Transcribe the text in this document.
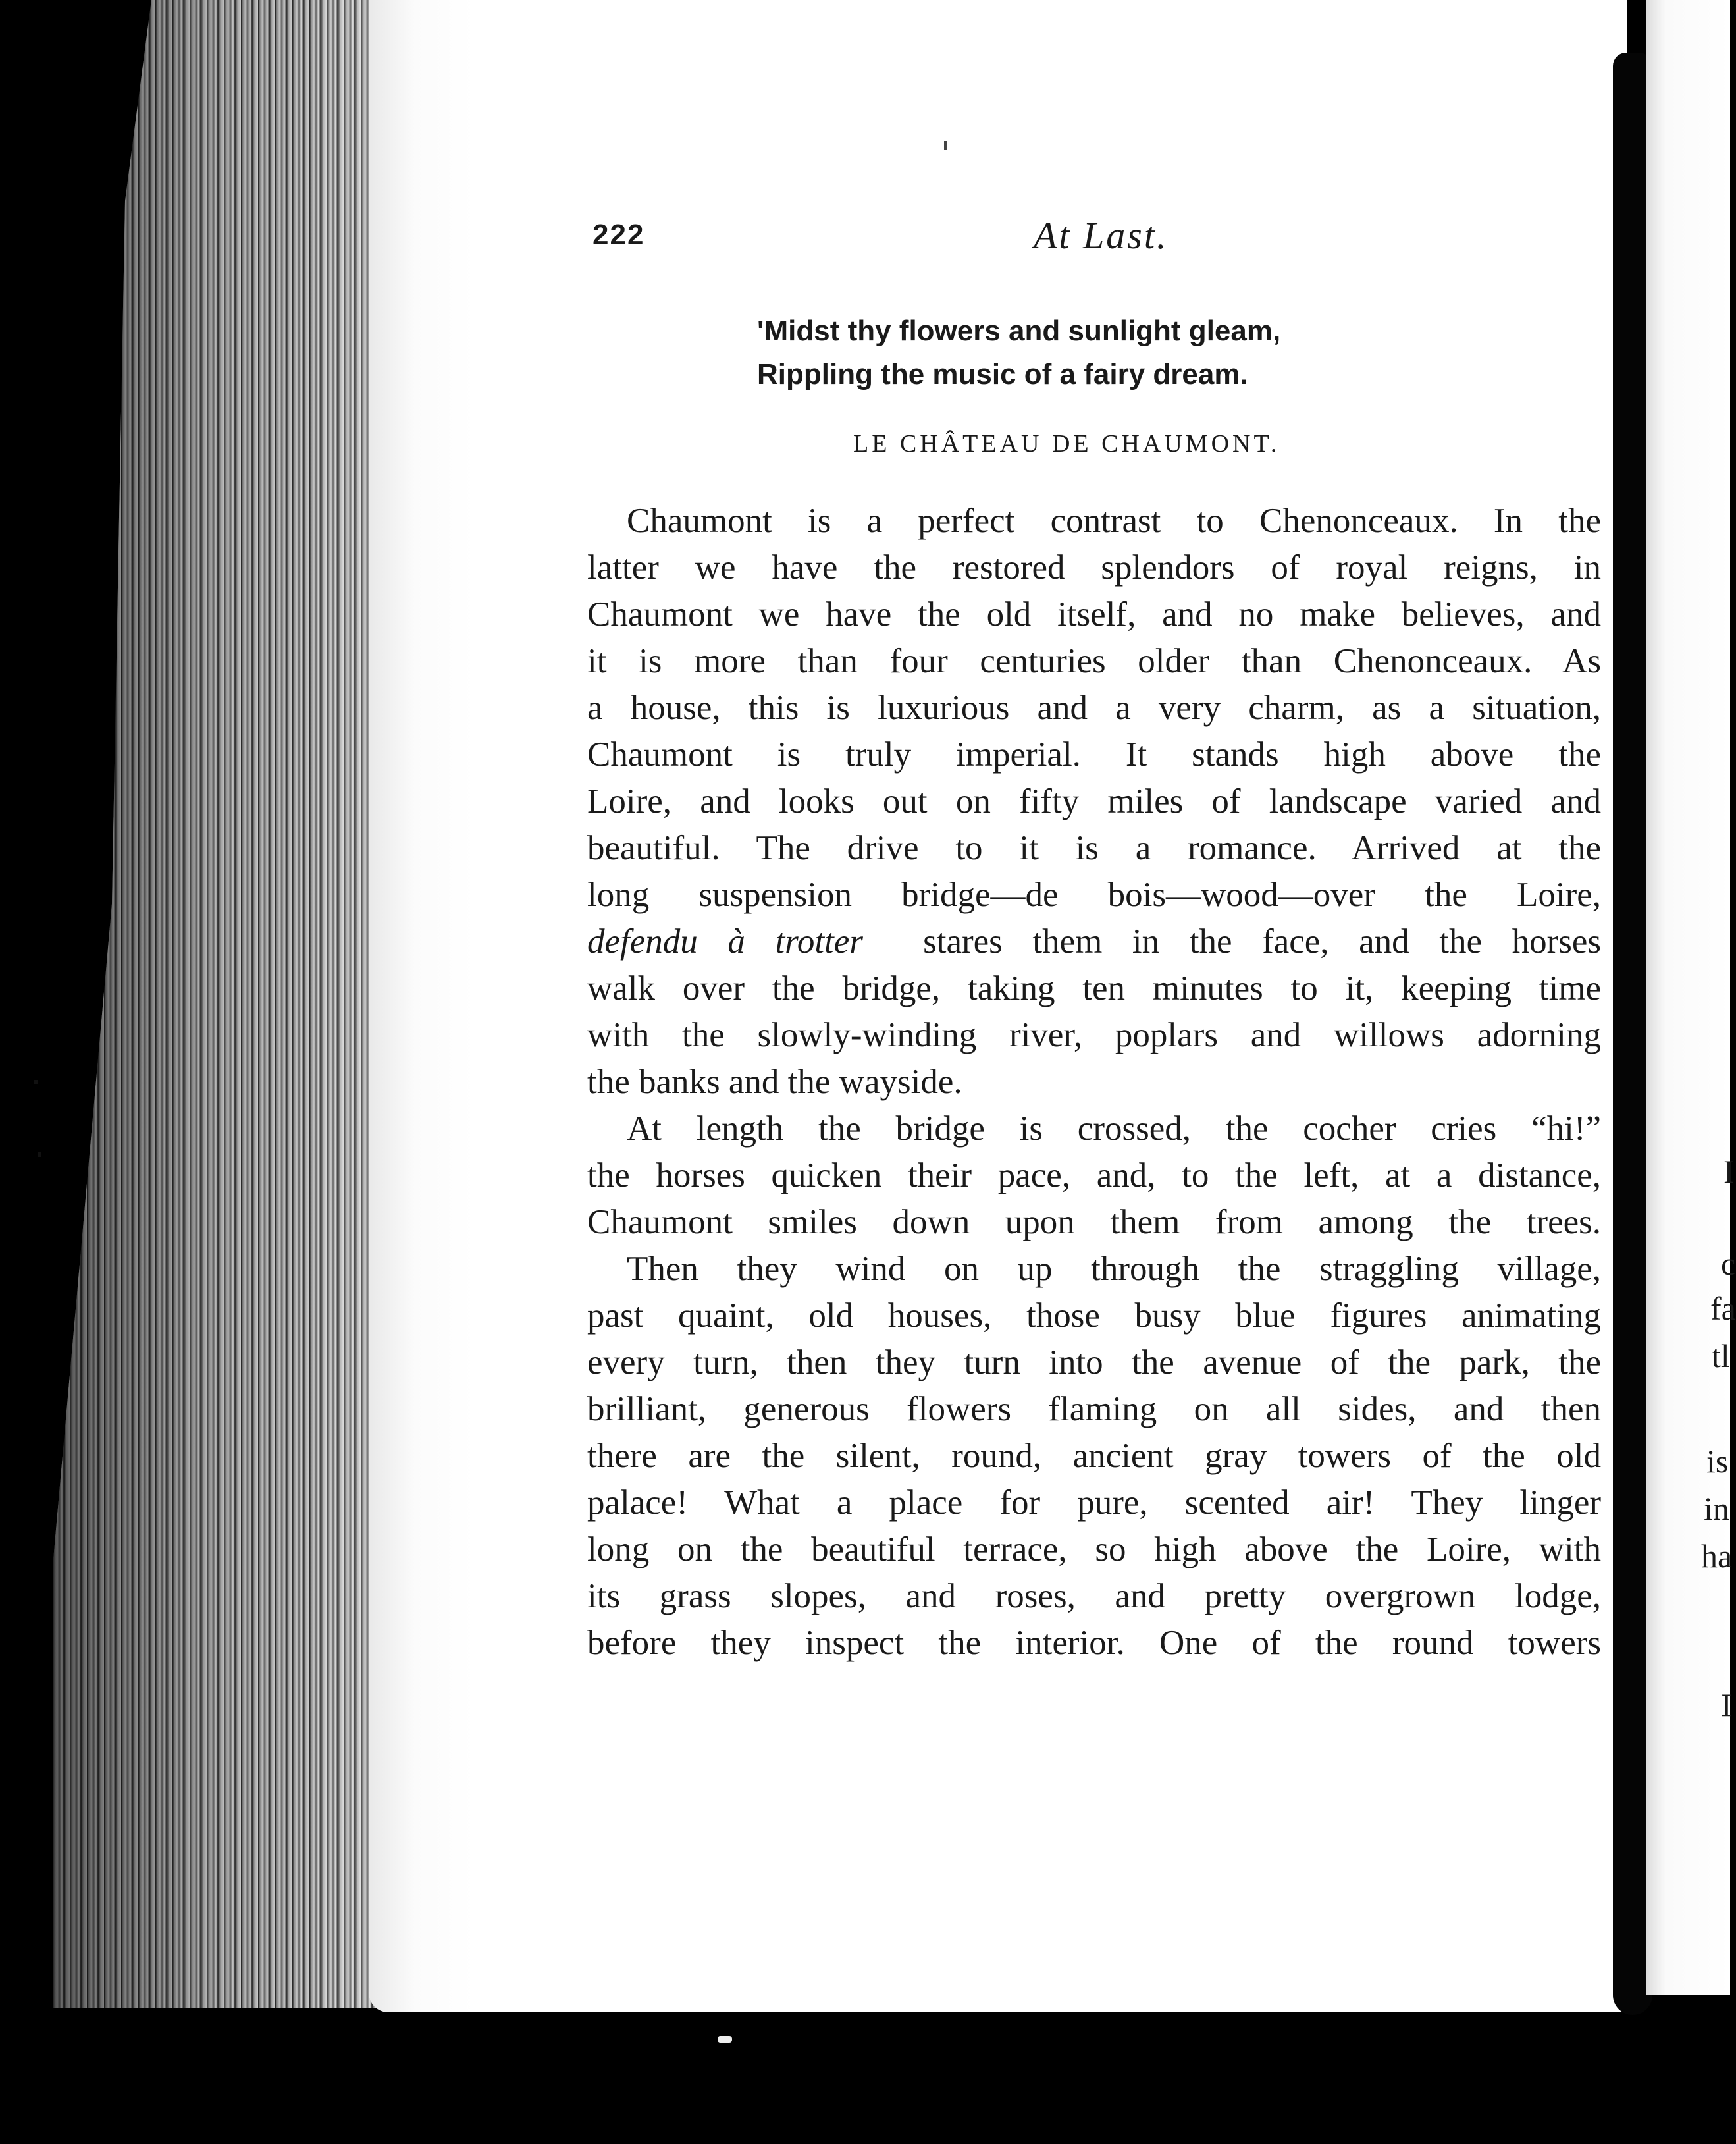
I
c
fa
tl
is
in
ha
I
222	At Last.
'Midst thy flowers and sunlight gleam,
Rippling the music of a fairy dream.
LE CHÂTEAU DE CHAUMONT.

Chaumont is a perfect contrast to Chenonceaux. In the
latter we have the restored splendors of royal reigns, in
Chaumont we have the old itself, and no make believes, and
it is more than four centuries older than Chenonceaux. As
a house, this is luxurious and a very charm, as a situation,
Chaumont is truly imperial. It stands high above the
Loire, and looks out on fifty miles of landscape varied and
beautiful. The drive to it is a romance. Arrived at the
long suspension bridge—de bois—wood—over the Loire,
defendu à trotter stares them in the face, and the horses
walk over the bridge, taking ten minutes to it, keeping time
with the slowly-winding river, poplars and willows adorning
the banks and the wayside.

At length the bridge is crossed, the cocher cries “hi!”
the horses quicken their pace, and, to the left, at a distance,
Chaumont smiles down upon them from among the trees.

Then they wind on up through the straggling village,
past quaint, old houses, those busy blue figures animating
every turn, then they turn into the avenue of the park, the
brilliant, generous flowers flaming on all sides, and then
there are the silent, round, ancient gray towers of the old
palace! What a place for pure, scented air! They linger
long on the beautiful terrace, so high above the Loire, with
its grass slopes, and roses, and pretty overgrown lodge,
before they inspect the interior. One of the round towers
